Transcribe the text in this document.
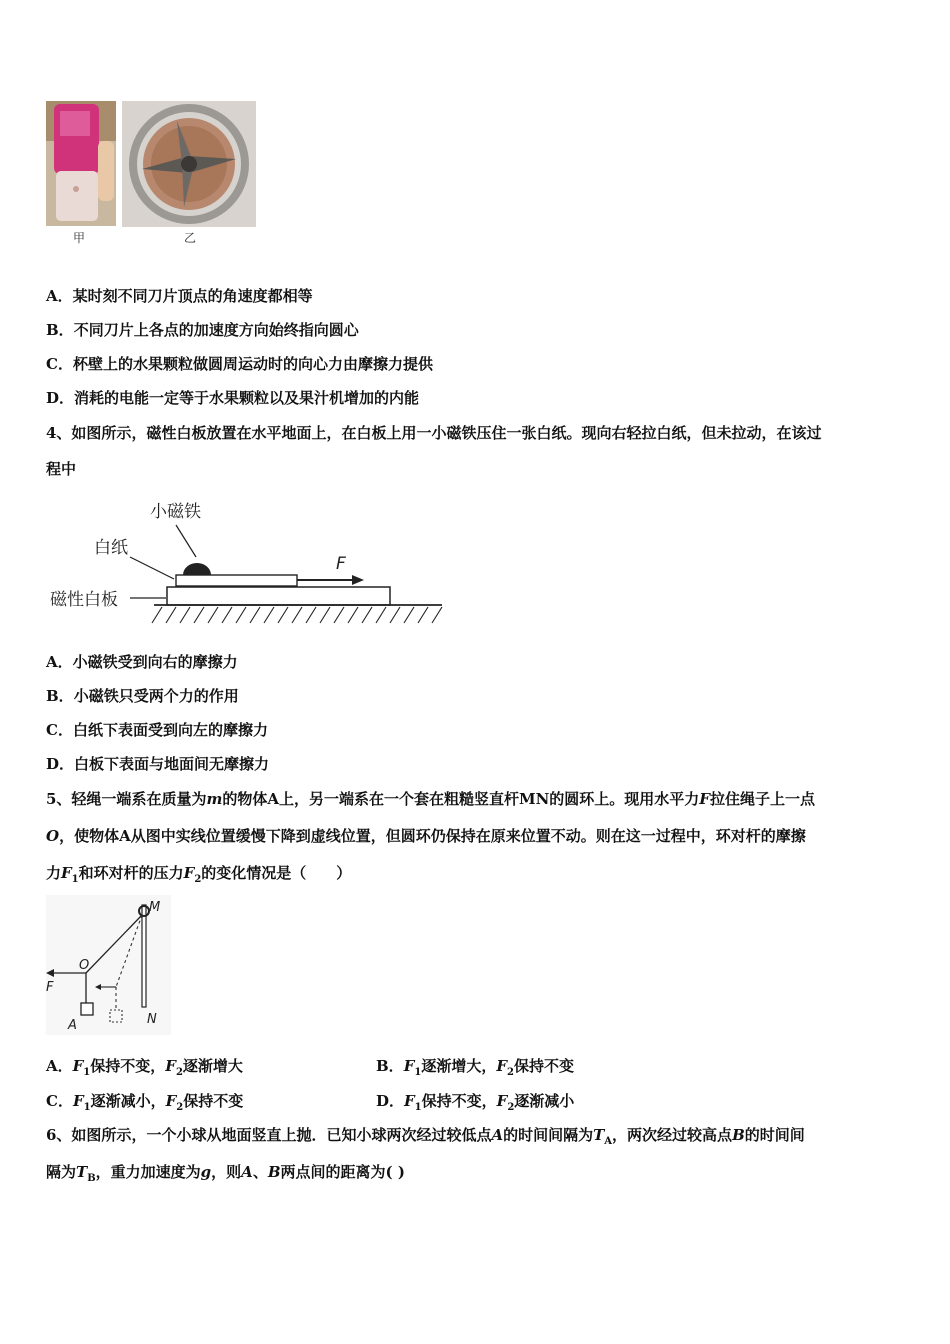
甲	乙
A．某时刻不同刀片顶点的角速度都相等
B．不同刀片上各点的加速度方向始终指向圆心
C．杯壁上的水果颗粒做圆周运动时的向心力由摩擦力提供
D．消耗的电能一定等于水果颗粒以及果汁机增加的内能
4、如图所示，磁性白板放置在水平地面上，在白板上用一小磁铁压住一张白纸。现向右轻拉白纸，但未拉动，在该过
程中
小磁铁
白纸
磁性白板
F
A．小磁铁受到向右的摩擦力
B．小磁铁只受两个力的作用
C．白纸下表面受到向左的摩擦力
D．白板下表面与地面间无摩擦力
5、轻绳一端系在质量为m的物体A上，另一端系在一个套在粗糙竖直杆MN的圆环上。现用水平力F拉住绳子上一点
O，使物体A从图中实线位置缓慢下降到虚线位置，但圆环仍保持在原来位置不动。则在这一过程中，环对杆的摩擦
力$F_1$和环对杆的压力$F_2$的变化情况是（　　）
M
N
O
F
A
A．$F_1$保持不变，$F_2$逐渐增大	B．$F_1$逐渐增大，$F_2$保持不变
C．$F_1$逐渐减小，$F_2$保持不变	D．$F_1$保持不变，$F_2$逐渐减小
6、如图所示，一个小球从地面竖直上抛．已知小球两次经过较低点A的时间间隔为$T_A$，两次经过较高点B的时间间
隔为$T_B$，重力加速度为g，则A、B两点间的距离为( )
